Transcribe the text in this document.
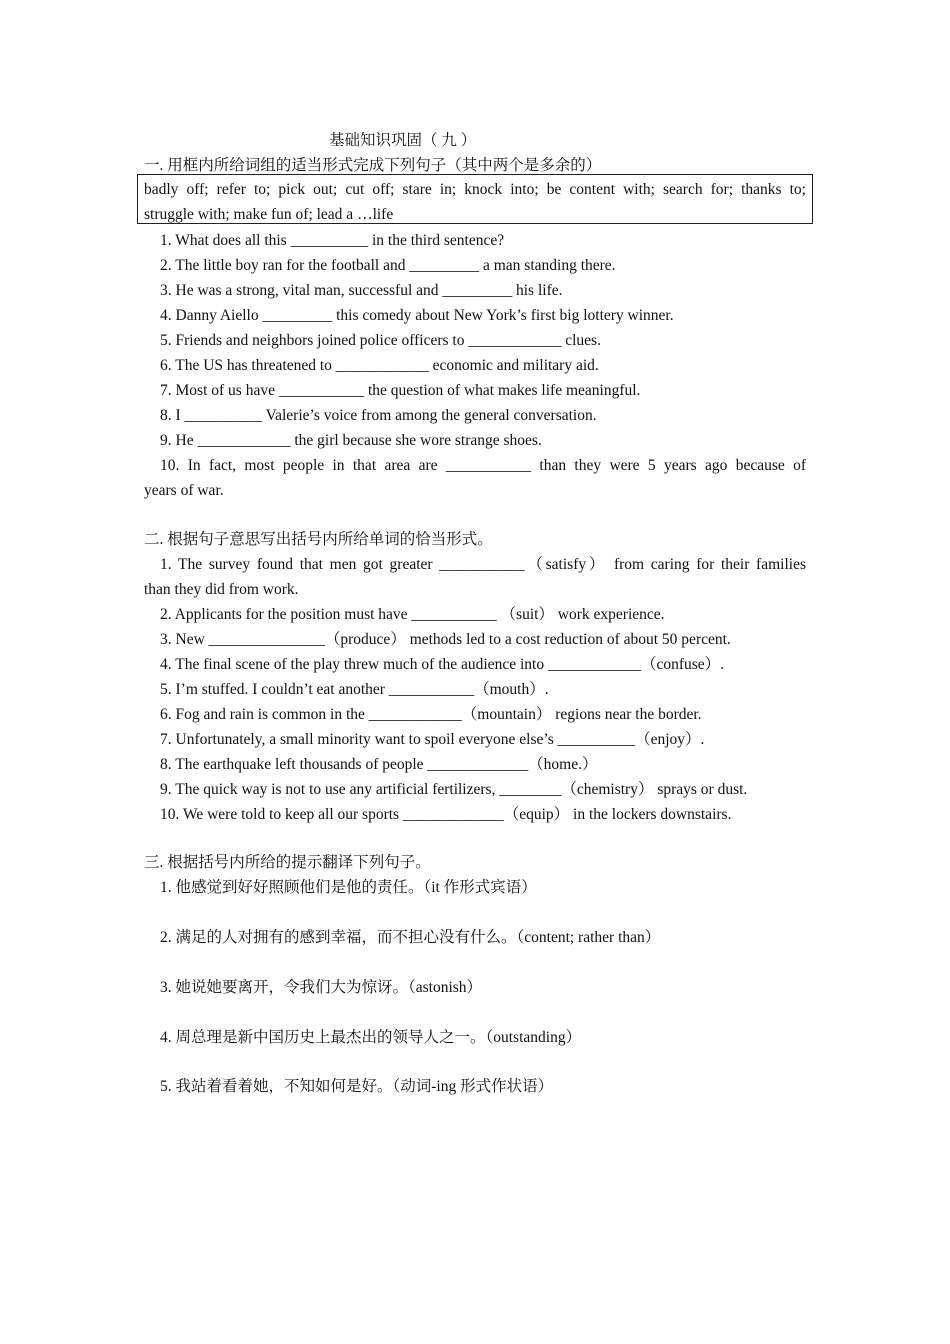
基础知识巩固（ 九 ）
一. 用框内所给词组的适当形式完成下列句子（其中两个是多余的）
badly off; refer to; pick out; cut off; stare in; knock into; be content with; search for; thanks to;
struggle with; make fun of; lead a …life
1. What does all this __________ in the third sentence?
2. The little boy ran for the football and _________ a man standing there.
3. He was a strong, vital man, successful and _________ his life.
4. Danny Aiello _________ this comedy about New York’s first big lottery winner.
5. Friends and neighbors joined police officers to ____________ clues.
6. The US has threatened to ____________ economic and military aid.
7. Most of us have ___________ the question of what makes life meaningful.
8. I __________ Valerie’s voice from among the general conversation.
9. He ____________ the girl because she wore strange shoes.
10. In fact, most people in that area are ___________ than they were 5 years ago because of
years of war.
二. 根据句子意思写出括号内所给单词的恰当形式。
1. The survey found that men got greater ___________（satisfy） from caring for their families
than they did from work.
2. Applicants for the position must have ___________ （suit） work experience.
3. New _______________（produce） methods led to a cost reduction of about 50 percent.
4. The final scene of the play threw much of the audience into ____________（confuse）.
5. I’m stuffed. I couldn’t eat another ___________（mouth）.
6. Fog and rain is common in the ____________（mountain） regions near the border.
7. Unfortunately, a small minority want to spoil everyone else’s __________（enjoy）.
8. The earthquake left thousands of people _____________（home.）
9. The quick way is not to use any artificial fertilizers, ________（chemistry） sprays or dust.
10. We were told to keep all our sports _____________（equip） in the lockers downstairs.
三. 根据括号内所给的提示翻译下列句子。
1. 他感觉到好好照顾他们是他的责任。（it 作形式宾语）
2. 满足的人对拥有的感到幸福，而不担心没有什么。（content; rather than）
3. 她说她要离开，令我们大为惊讶。（astonish）
4. 周总理是新中国历史上最杰出的领导人之一。（outstanding）
5. 我站着看着她，不知如何是好。（动词-ing 形式作状语）
